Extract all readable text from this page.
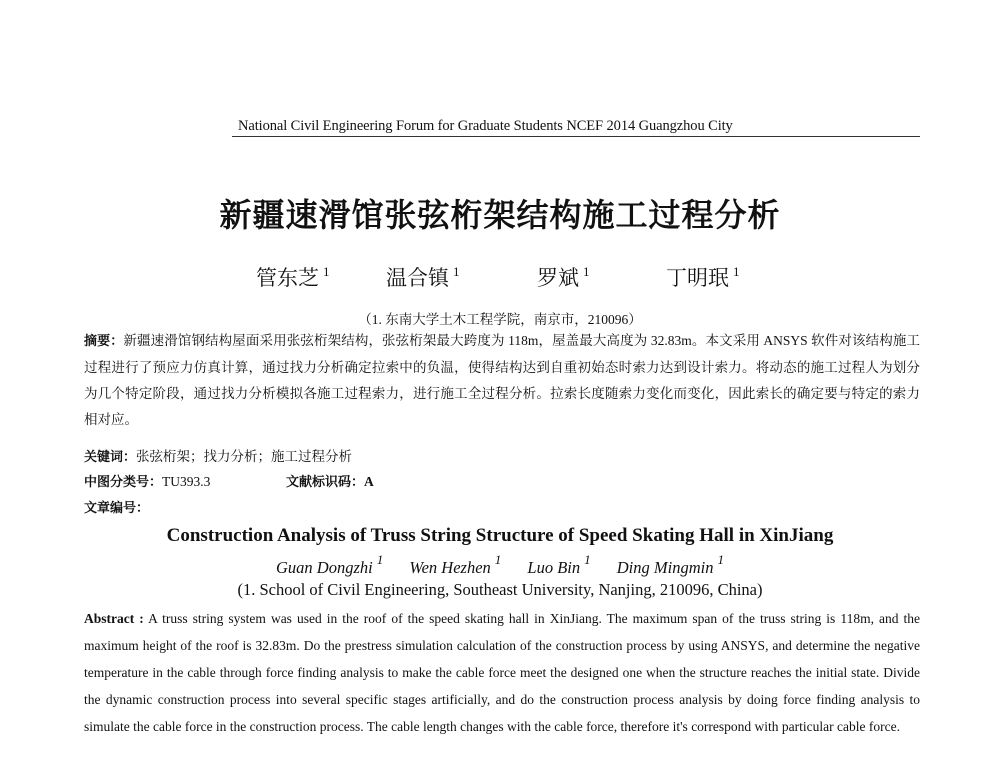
National Civil Engineering Forum for Graduate Students NCEF 2014 Guangzhou City
新疆速滑馆张弦桁架结构施工过程分析
管东芝 $^1$	温合镇 $^1$	罗斌 $^1$	丁明珉 $^1$
（1. 东南大学土木工程学院，南京市，210096）
摘要：新疆速滑馆钢结构屋面采用张弦桁架结构，张弦桁架最大跨度为 118m，屋盖最大高度为 32.83m。本文采用 ANSYS 软件对该结构施工过程进行了预应力仿真计算，通过找力分析确定拉索中的负温，使得结构达到自重初始态时索力达到设计索力。将动态的施工过程人为划分为几个特定阶段，通过找力分析模拟各施工过程索力，进行施工全过程分析。拉索长度随索力变化而变化，因此索长的确定要与特定的索力相对应。
关键词：张弦桁架；找力分析；施工过程分析
中图分类号：TU393.3	文献标识码：A
文章编号：
Construction Analysis of Truss String Structure of Speed Skating Hall in XinJiang
Guan Dongzhi $^1$ Wen Hezhen $^1$ Luo Bin $^1$ Ding Mingmin $^1$
(1. School of Civil Engineering, Southeast University, Nanjing, 210096, China)
Abstract : A truss string system was used in the roof of the speed skating hall in XinJiang. The maximum span of the truss string is 118m, and the maximum height of the roof is 32.83m. Do the prestress simulation calculation of the construction process by using ANSYS, and determine the negative temperature in the cable through force finding analysis to make the cable force meet the designed one when the structure reaches the initial state. Divide the dynamic construction process into several specific stages artificially, and do the construction process analysis by doing force finding analysis to simulate the cable force in the construction process. The cable length changes with the cable force, therefore it's correspond with particular cable force.
